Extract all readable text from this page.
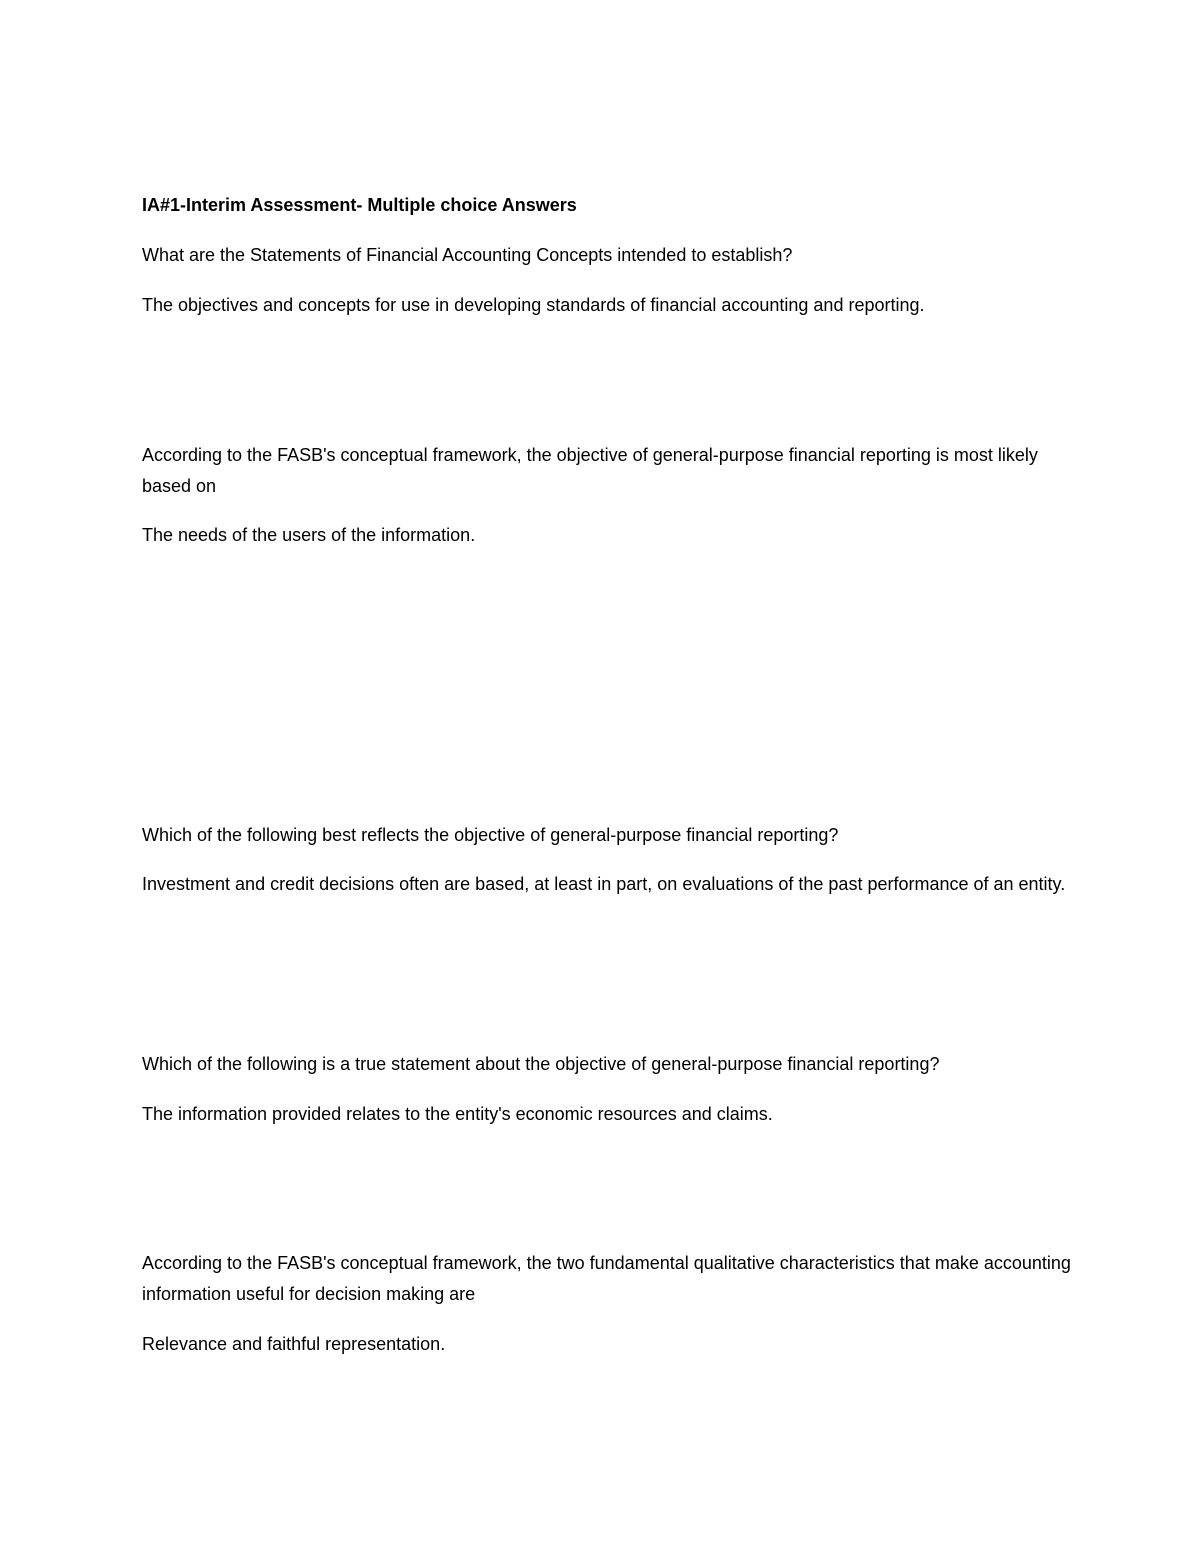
IA#1-Interim Assessment- Multiple choice Answers
What are the Statements of Financial Accounting Concepts intended to establish?
The objectives and concepts for use in developing standards of financial accounting and reporting.
According to the FASB's conceptual framework, the objective of general-purpose financial reporting is most likely based on
The needs of the users of the information.
Which of the following best reflects the objective of general-purpose financial reporting?
Investment and credit decisions often are based, at least in part, on evaluations of the past performance of an entity.
Which of the following is a true statement about the objective of general-purpose financial reporting?
The information provided relates to the entity's economic resources and claims.
According to the FASB's conceptual framework, the two fundamental qualitative characteristics that make accounting information useful for decision making are
Relevance and faithful representation.
